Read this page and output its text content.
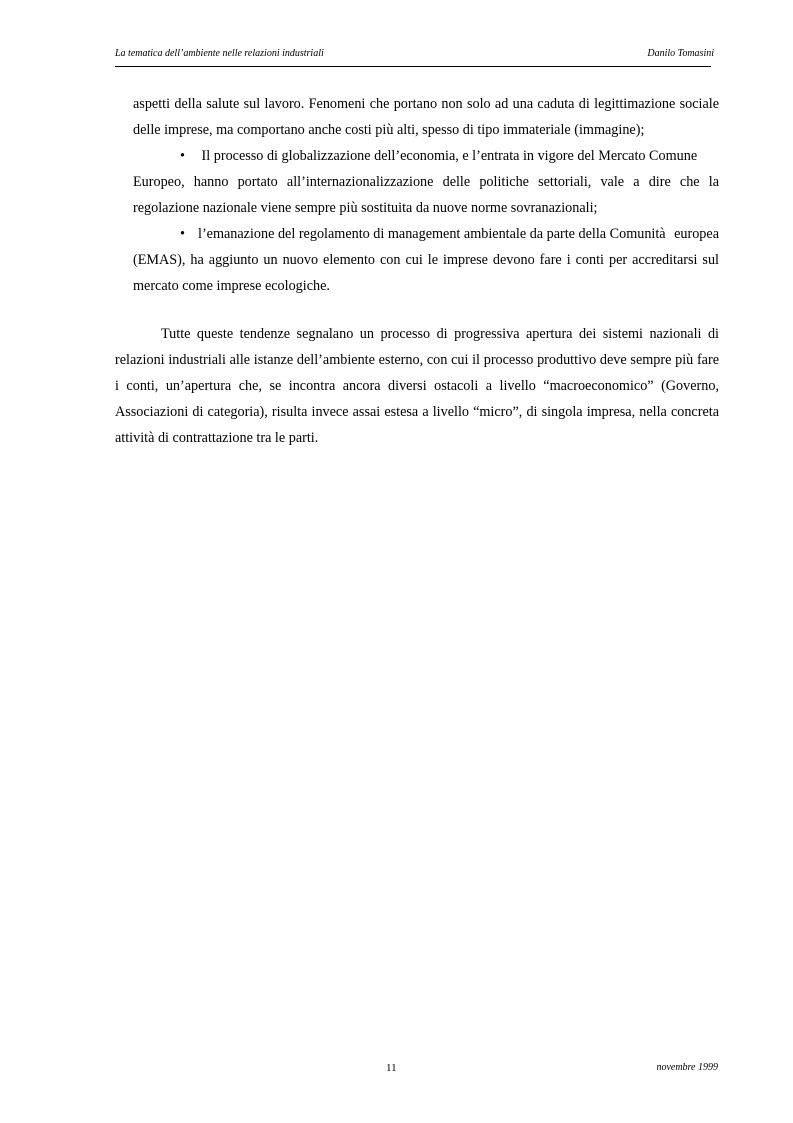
La tematica dell’ambiente nelle relazioni industriali	Danilo Tomasini

aspetti della salute sul lavoro. Fenomeni che portano non solo ad una caduta di legittimazione sociale delle imprese, ma comportano anche costi più alti, spesso di tipo immateriale (immagine);

• Il processo di globalizzazione dell’economia, e l’entrata in vigore del Mercato Comune Europeo, hanno portato all’internazionalizzazione delle politiche settoriali, vale a dire che la regolazione nazionale viene sempre più sostituita da nuove norme sovranazionali;
• l’emanazione del regolamento di management ambientale da parte della Comunità europea (EMAS), ha aggiunto un nuovo elemento con cui le imprese devono fare i conti per accreditarsi sul mercato come imprese ecologiche.

Tutte queste tendenze segnalano un processo di progressiva apertura dei sistemi nazionali di relazioni industriali alle istanze dell’ambiente esterno, con cui il processo produttivo deve sempre più fare i conti, un’apertura che, se incontra ancora diversi ostacoli a livello “macroeconomico” (Governo, Associazioni di categoria), risulta invece assai estesa a livello “micro”, di singola impresa, nella concreta attività di contrattazione tra le parti.

11	novembre 1999
